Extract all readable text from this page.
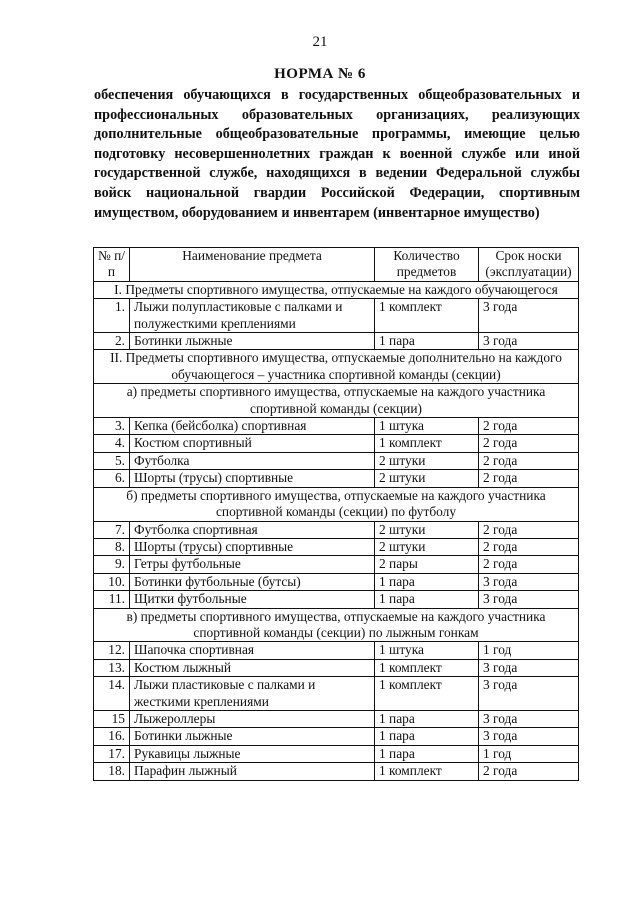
21
НОРМА № 6
обеспечения обучающихся в государственных общеобразовательных и профессиональных образовательных организациях, реализующих дополнительные общеобразовательные программы, имеющие целью подготовку несовершеннолетних граждан к военной службе или иной государственной службе, находящихся в ведении Федеральной службы войск национальной гвардии Российской Федерации, спортивным имуществом, оборудованием и инвентарем (инвентарное имущество)
№ п/п	Наименование предмета	Количество предметов	Срок носки (эксплуатации)
I. Предметы спортивного имущества, отпускаемые на каждого обучающегося			
1.	Лыжи полупластиковые с палками и полужесткими креплениями	1 комплект	3 года
2.	Ботинки лыжные	1 пара	3 года
II. Предметы спортивного имущества, отпускаемые дополнительно на каждого обучающегося – участника спортивной команды (секции)			
а) предметы спортивного имущества, отпускаемые на каждого участника спортивной команды (секции)			
3.	Кепка (бейсболка) спортивная	1 штука	2 года
4.	Костюм спортивный	1 комплект	2 года
5.	Футболка	2 штуки	2 года
6.	Шорты (трусы) спортивные	2 штуки	2 года
б) предметы спортивного имущества, отпускаемые на каждого участника спортивной команды (секции) по футболу			
7.	Футболка спортивная	2 штуки	2 года
8.	Шорты (трусы) спортивные	2 штуки	2 года
9.	Гетры футбольные	2 пары	2 года
10.	Ботинки футбольные (бутсы)	1 пара	3 года
11.	Щитки футбольные	1 пара	3 года
в) предметы спортивного имущества, отпускаемые на каждого участника спортивной команды (секции) по лыжным гонкам			
12.	Шапочка спортивная	1 штука	1 год
13.	Костюм лыжный	1 комплект	3 года
14.	Лыжи пластиковые с палками и жесткими креплениями	1 комплект	3 года
15	Лыжероллеры	1 пара	3 года
16.	Ботинки лыжные	1 пара	3 года
17.	Рукавицы лыжные	1 пара	1 год
18.	Парафин лыжный	1 комплект	2 года
